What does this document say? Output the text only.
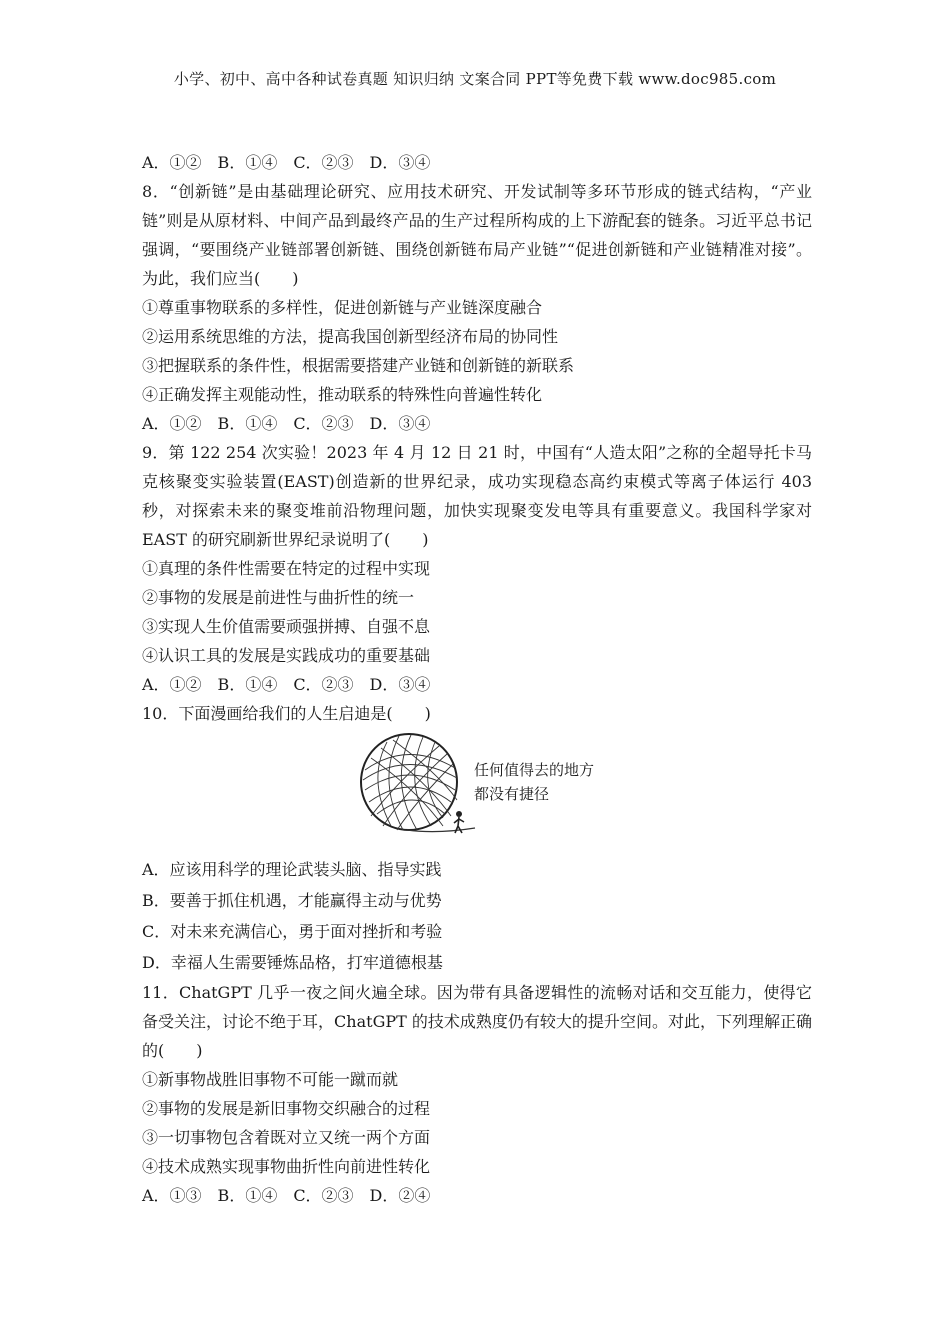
小学、初中、高中各种试卷真题 知识归纳 文案合同 PPT等免费下载 www.doc985.com
A．①②　B．①④　C．②③　D．③④
8．“创新链”是由基础理论研究、应用技术研究、开发试制等多环节形成的链式结构，“产业链”则是从原材料、中间产品到最终产品的生产过程所构成的上下游配套的链条。习近平总书记强调，“要围绕产业链部署创新链、围绕创新链布局产业链”“促进创新链和产业链精准对接”。为此，我们应当(　　)
①尊重事物联系的多样性，促进创新链与产业链深度融合
②运用系统思维的方法，提高我国创新型经济布局的协同性
③把握联系的条件性，根据需要搭建产业链和创新链的新联系
④正确发挥主观能动性，推动联系的特殊性向普遍性转化
A．①②　B．①④　C．②③　D．③④
9．第 122 254 次实验！2023 年 4 月 12 日 21 时，中国有“人造太阳”之称的全超导托卡马克核聚变实验装置(EAST)创造新的世界纪录，成功实现稳态高约束模式等离子体运行 403 秒，对探索未来的聚变堆前沿物理问题，加快实现聚变发电等具有重要意义。我国科学家对 EAST 的研究刷新世界纪录说明了(　　)
①真理的条件性需要在特定的过程中实现
②事物的发展是前进性与曲折性的统一
③实现人生价值需要顽强拼搏、自强不息
④认识工具的发展是实践成功的重要基础
A．①②　B．①④　C．②③　D．③④
10．下面漫画给我们的人生启迪是(　　)
任何值得去的地方
都没有捷径
A．应该用科学的理论武装头脑、指导实践
B．要善于抓住机遇，才能赢得主动与优势
C．对未来充满信心，勇于面对挫折和考验
D．幸福人生需要锤炼品格，打牢道德根基
11．ChatGPT 几乎一夜之间火遍全球。因为带有具备逻辑性的流畅对话和交互能力，使得它备受关注，讨论不绝于耳，ChatGPT 的技术成熟度仍有较大的提升空间。对此，下列理解正确的(　　)
①新事物战胜旧事物不可能一蹴而就
②事物的发展是新旧事物交织融合的过程
③一切事物包含着既对立又统一两个方面
④技术成熟实现事物曲折性向前进性转化
A．①③　B．①④　C．②③　D．②④
